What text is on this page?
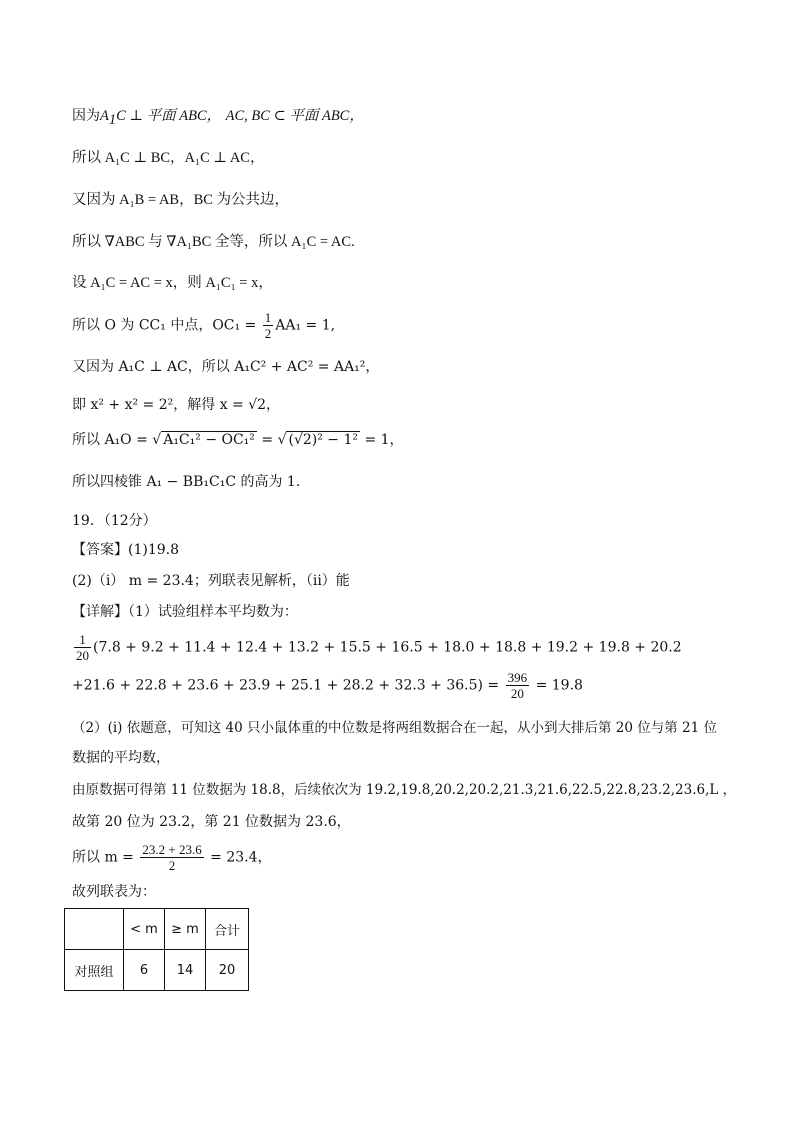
因为$A_1C$ ⊥ 平面 ABC， AC, BC ⊂ 平面 ABC，
所以 A₁C ⊥ BC，A₁C ⊥ AC，
又因为 A₁B = AB，BC 为公共边，
所以 ∇ABC 与 ∇A₁BC 全等，所以 A₁C = AC.
设 A₁C = AC = x，则 A₁C₁ = x，
所以 O 为 CC₁ 中点，$OC_1 = \frac{1}{2} AA_1 = 1$,
又因为 A₁C ⊥ AC，所以 A₁C² + AC² = AA₁²，
即 x² + x² = 2²，解得 x = √2，
所以 A₁O = √ A₁C₁² − OC₁² = √ (√2)² − 1² = 1，
所以四棱锥 A₁ − BB₁C₁C 的高为 1.
19．（12分）
【答案】(1)19.8
(2)（i） m = 23.4；列联表见解析，（ii）能
【详解】（1）试验组样本平均数为：
$\frac{1}{20} (7.8 + 9.2 + 11.4 + 12.4 + 13.2 + 15.5 + 16.5 + 18.0 + 18.8 + 19.2 + 19.8 + 20.2$
$+21.6 + 22.8 + 23.6 + 23.9 + 25.1 + 28.2 + 32.3 + 36.5) = \frac{396}{20} = 19.8$
（2）(i) 依题意，可知这 40 只小鼠体重的中位数是将两组数据合在一起，从小到大排后第 20 位与第 21 位
数据的平均数，
由原数据可得第 11 位数据为 18.8，后续依次为 19.2,19.8,20.2,20.2,21.3,21.6,22.5,22.8,23.2,23.6,L ，
故第 20 位为 23.2，第 21 位数据为 23.6，
所以 $m = \frac{23.2 + 23.6}{2} = 23.4$，
故列联表为：
	< m	≥ m	合计
对照组	6	14	20
